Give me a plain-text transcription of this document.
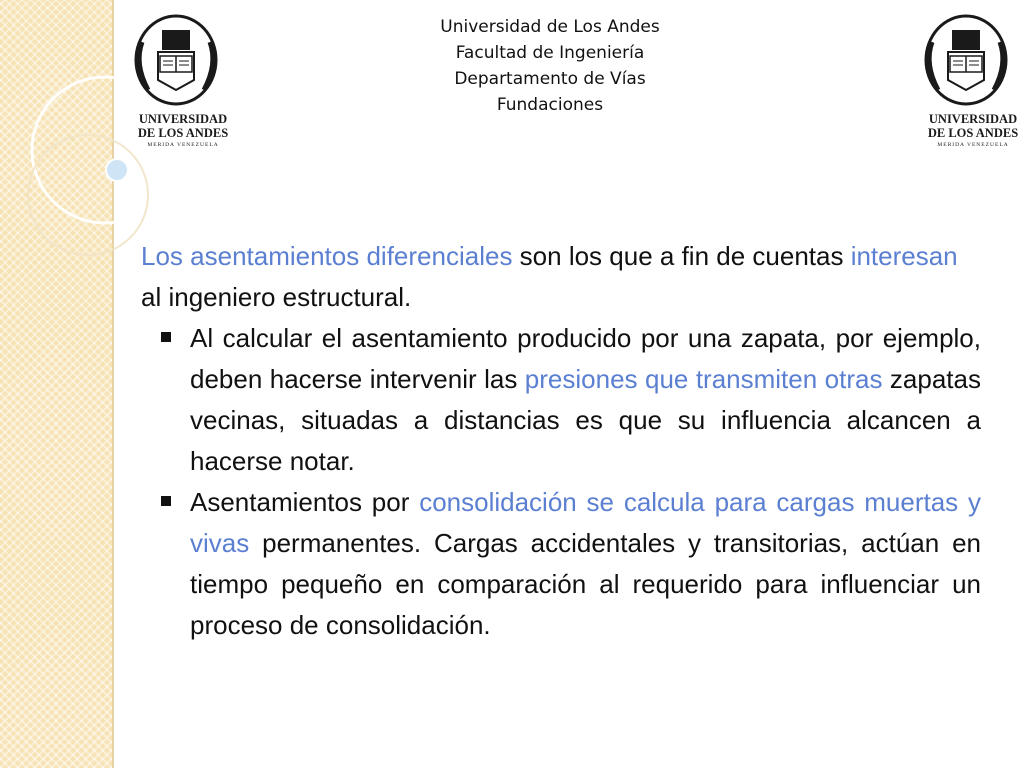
UNIVERSIDAD
DE LOS ANDES
MERIDA VENEZUELA
UNIVERSIDAD
DE LOS ANDES
MERIDA VENEZUELA
Universidad de Los Andes
Facultad de Ingeniería
Departamento de Vías
Fundaciones

Los asentamientos diferenciales son los que a fin de cuentas interesan al ingeniero estructural.

Al calcular el asentamiento producido por una zapata, por ejemplo, deben hacerse intervenir las presiones que transmiten otras zapatas vecinas, situadas a distancias es que su influencia alcancen a hacerse notar.
Asentamientos por consolidación se calcula para cargas muertas y vivas permanentes. Cargas accidentales y transitorias, actúan en tiempo pequeño en comparación al requerido para influenciar un proceso de consolidación.
